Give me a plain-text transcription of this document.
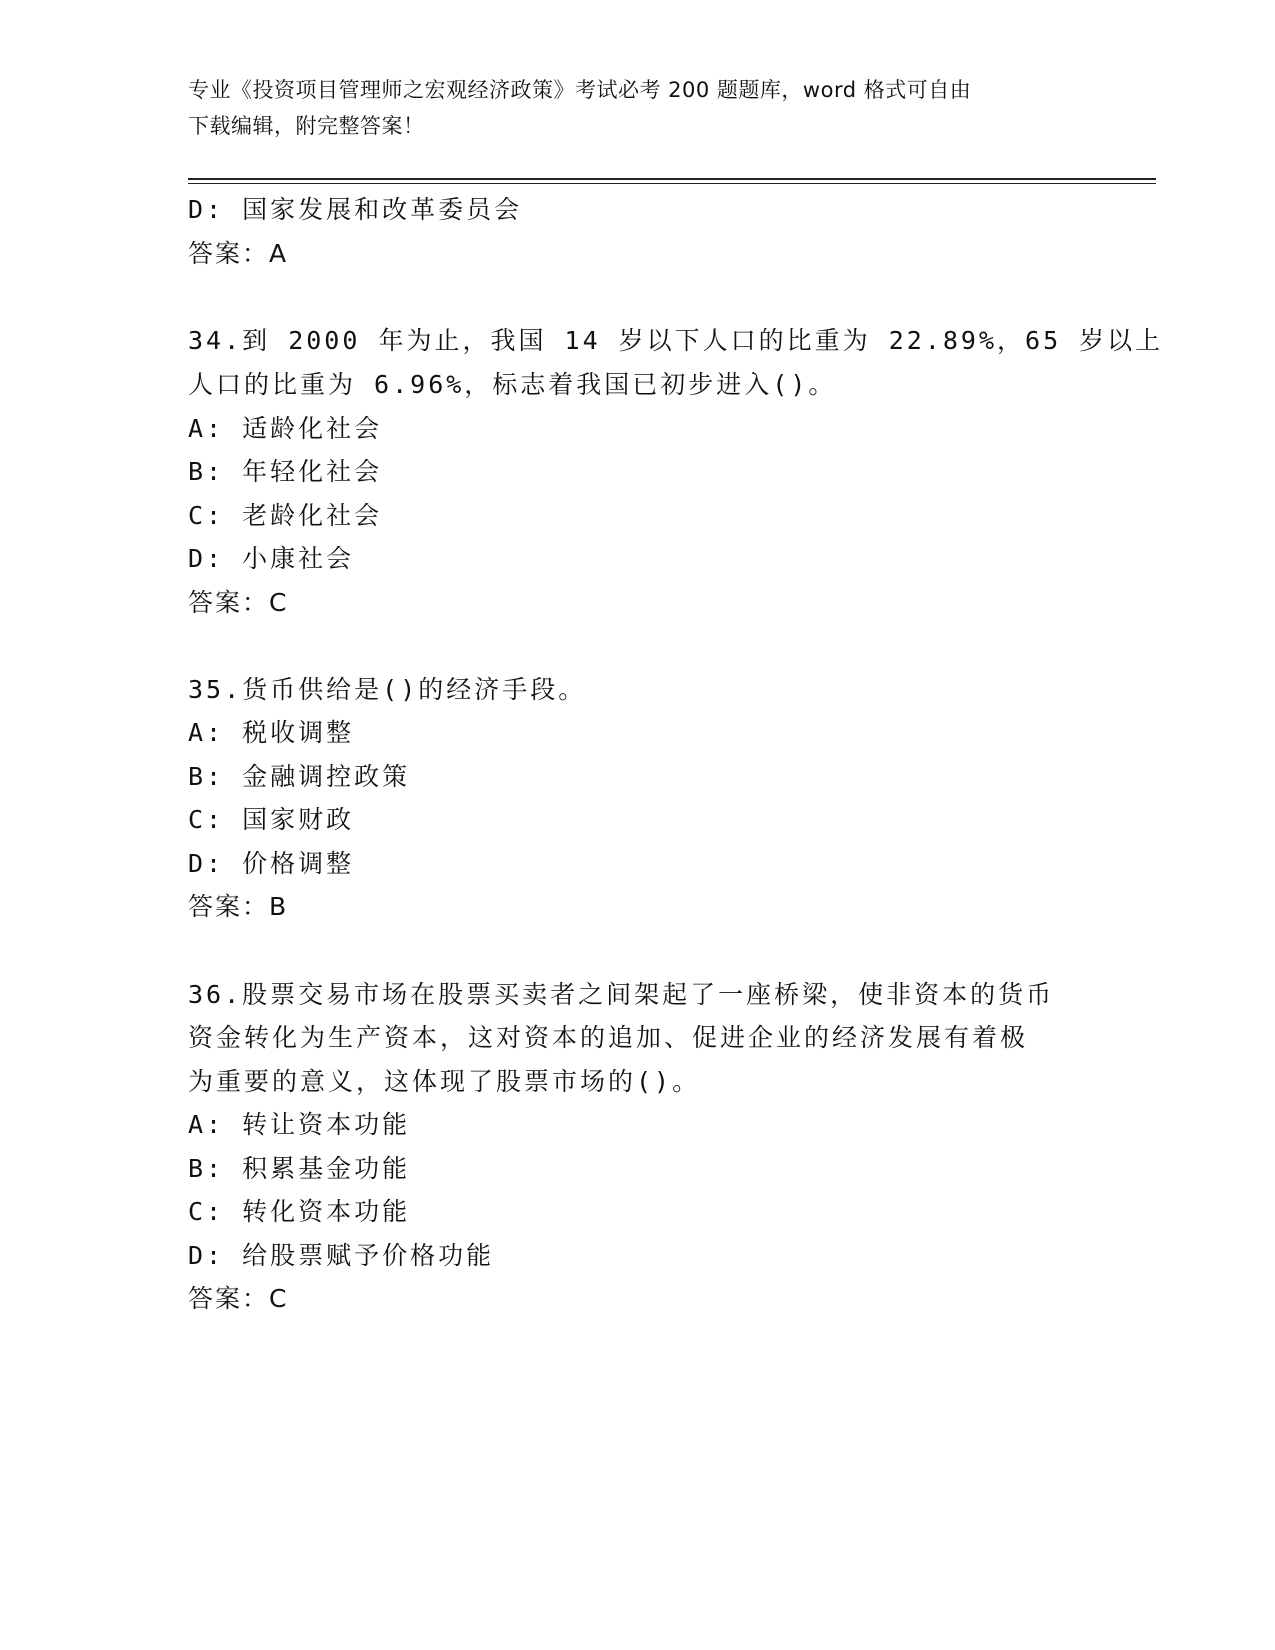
专业《投资项目管理师之宏观经济政策》考试必考 200 题题库，word 格式可自由
下载编辑，附完整答案！
D: 国家发展和改革委员会
答案：A
34.到 2000 年为止，我国 14 岁以下人口的比重为 22.89%，65 岁以上
人口的比重为 6.96%，标志着我国已初步进入()。
A: 适龄化社会
B: 年轻化社会
C: 老龄化社会
D: 小康社会
答案：C
35.货币供给是()的经济手段。
A: 税收调整
B: 金融调控政策
C: 国家财政
D: 价格调整
答案：B
36.股票交易市场在股票买卖者之间架起了一座桥梁，使非资本的货币
资金转化为生产资本，这对资本的追加、促进企业的经济发展有着极
为重要的意义，这体现了股票市场的()。
A: 转让资本功能
B: 积累基金功能
C: 转化资本功能
D: 给股票赋予价格功能
答案：C
